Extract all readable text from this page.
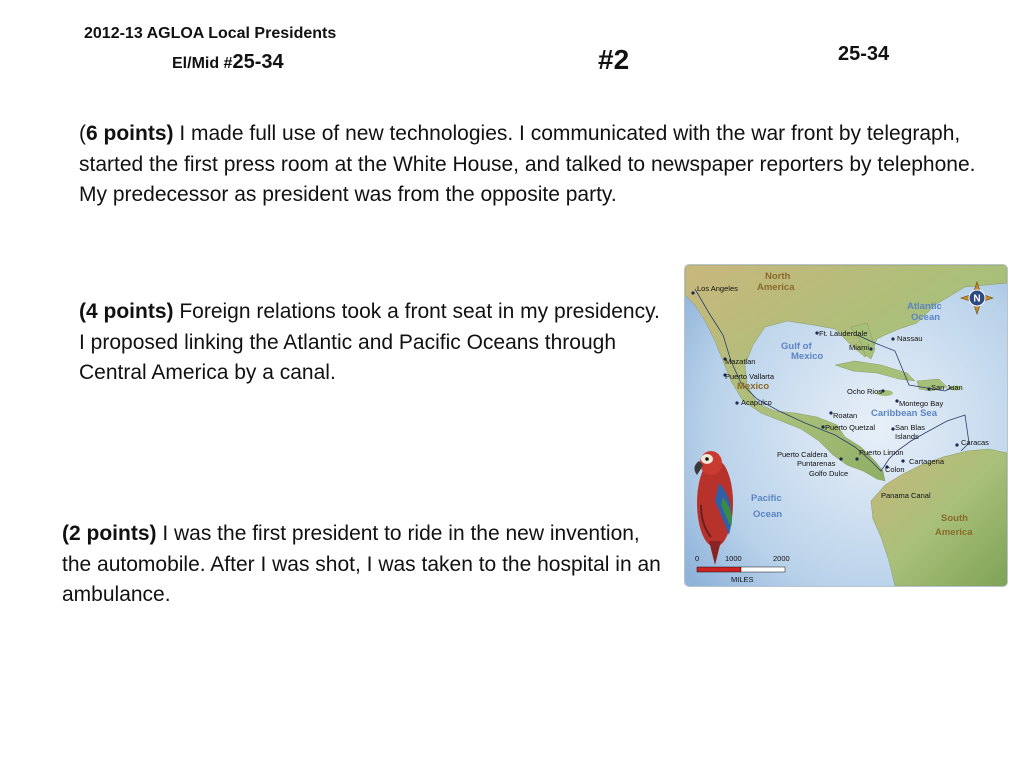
2012-13 AGLOA Local Presidents
El/Mid #25-34	#2	25-34
(6 points) I made full use of new technologies. I communicated with the war front by telegraph, started the first press room at the White House, and talked to newspaper reporters by telephone. My predecessor as president was from the opposite party.
(4 points) Foreign relations took a front seat in my presidency. I proposed linking the Atlantic and Pacific Oceans through Central America by a canal.
(2 points) I was the first president to ride in the new invention, the automobile. After I was shot, I was taken to the hospital in an ambulance.
North
America
Atlantic
Ocean
Gulf of
Mexico
Mexico
Caribbean Sea
Pacific
Ocean	South
America
Los Angeles
Ft. Lauderdale
Miami
Nassau
Mazatlan
Puerto Vallarta
Acapulco
Ocho Rios	San Juan
Montego Bay
Roatan
Puerto Quetzal	San Blas
Islands
Caracas
Puerto Caldera
Puntarenas
Golfo Dulce
Puerto Limon
Cartagena
Colon
Panama Canal
N
0	1000	2000
MILES
